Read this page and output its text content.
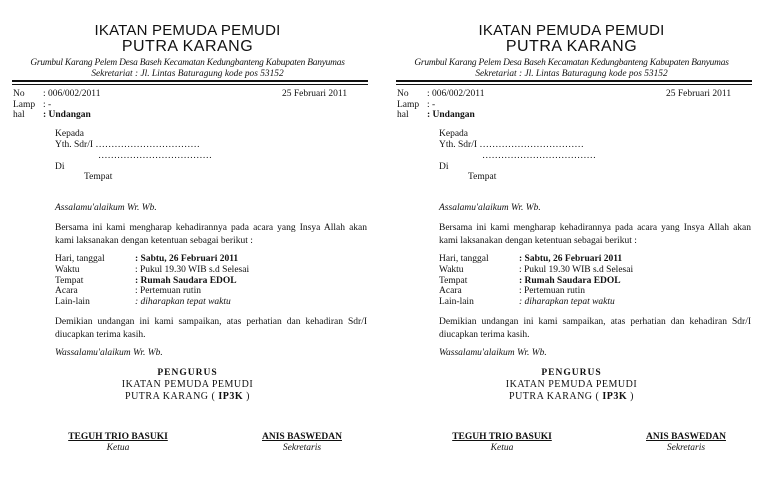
IKATAN PEMUDA PEMUDI
PUTRA KARANG
Grumbul Karang Pelem Desa Baseh Kecamatan Kedungbanteng Kabupaten Banyumas
Sekretariat : Jl. Lintas Baturagung kode pos 53152
No : 006/002/2011	25 Februari 2011
Lamp : -
hal : Undangan
Kepada
Yth. Sdr/I ……………………………
………………………………
Di
Tempat
Assalamu'alaikum Wr. Wb.
Bersama ini kami mengharap kehadirannya pada acara yang Insya Allah akan kami laksanakan dengan ketentuan sebagai berikut :
Hari, tanggal	: Sabtu, 26 Februari 2011
Waktu	: Pukul 19.30 WIB s.d Selesai
Tempat	: Rumah Saudara EDOL
Acara	: Pertemuan rutin
Lain-lain	: diharapkan tepat waktu
Demikian undangan ini kami sampaikan, atas perhatian dan kehadiran Sdr/I diucapkan terima kasih.
Wassalamu'alaikum Wr. Wb.
PENGURUS
IKATAN PEMUDA PEMUDI
PUTRA KARANG ( IP3K )
TEGUH TRIO BASUKI
Ketua
ANIS BASWEDAN
Sekretaris
IKATAN PEMUDA PEMUDI
PUTRA KARANG
Grumbul Karang Pelem Desa Baseh Kecamatan Kedungbanteng Kabupaten Banyumas
Sekretariat : Jl. Lintas Baturagung kode pos 53152
No : 006/002/2011	25 Februari 2011
Lamp : -
hal : Undangan
Kepada
Yth. Sdr/I ……………………………
………………………………
Di
Tempat
Assalamu'alaikum Wr. Wb.
Bersama ini kami mengharap kehadirannya pada acara yang Insya Allah akan kami laksanakan dengan ketentuan sebagai berikut :
Hari, tanggal	: Sabtu, 26 Februari 2011
Waktu	: Pukul 19.30 WIB s.d Selesai
Tempat	: Rumah Saudara EDOL
Acara	: Pertemuan rutin
Lain-lain	: diharapkan tepat waktu
Demikian undangan ini kami sampaikan, atas perhatian dan kehadiran Sdr/I diucapkan terima kasih.
Wassalamu'alaikum Wr. Wb.
PENGURUS
IKATAN PEMUDA PEMUDI
PUTRA KARANG ( IP3K )
TEGUH TRIO BASUKI
Ketua
ANIS BASWEDAN
Sekretaris
